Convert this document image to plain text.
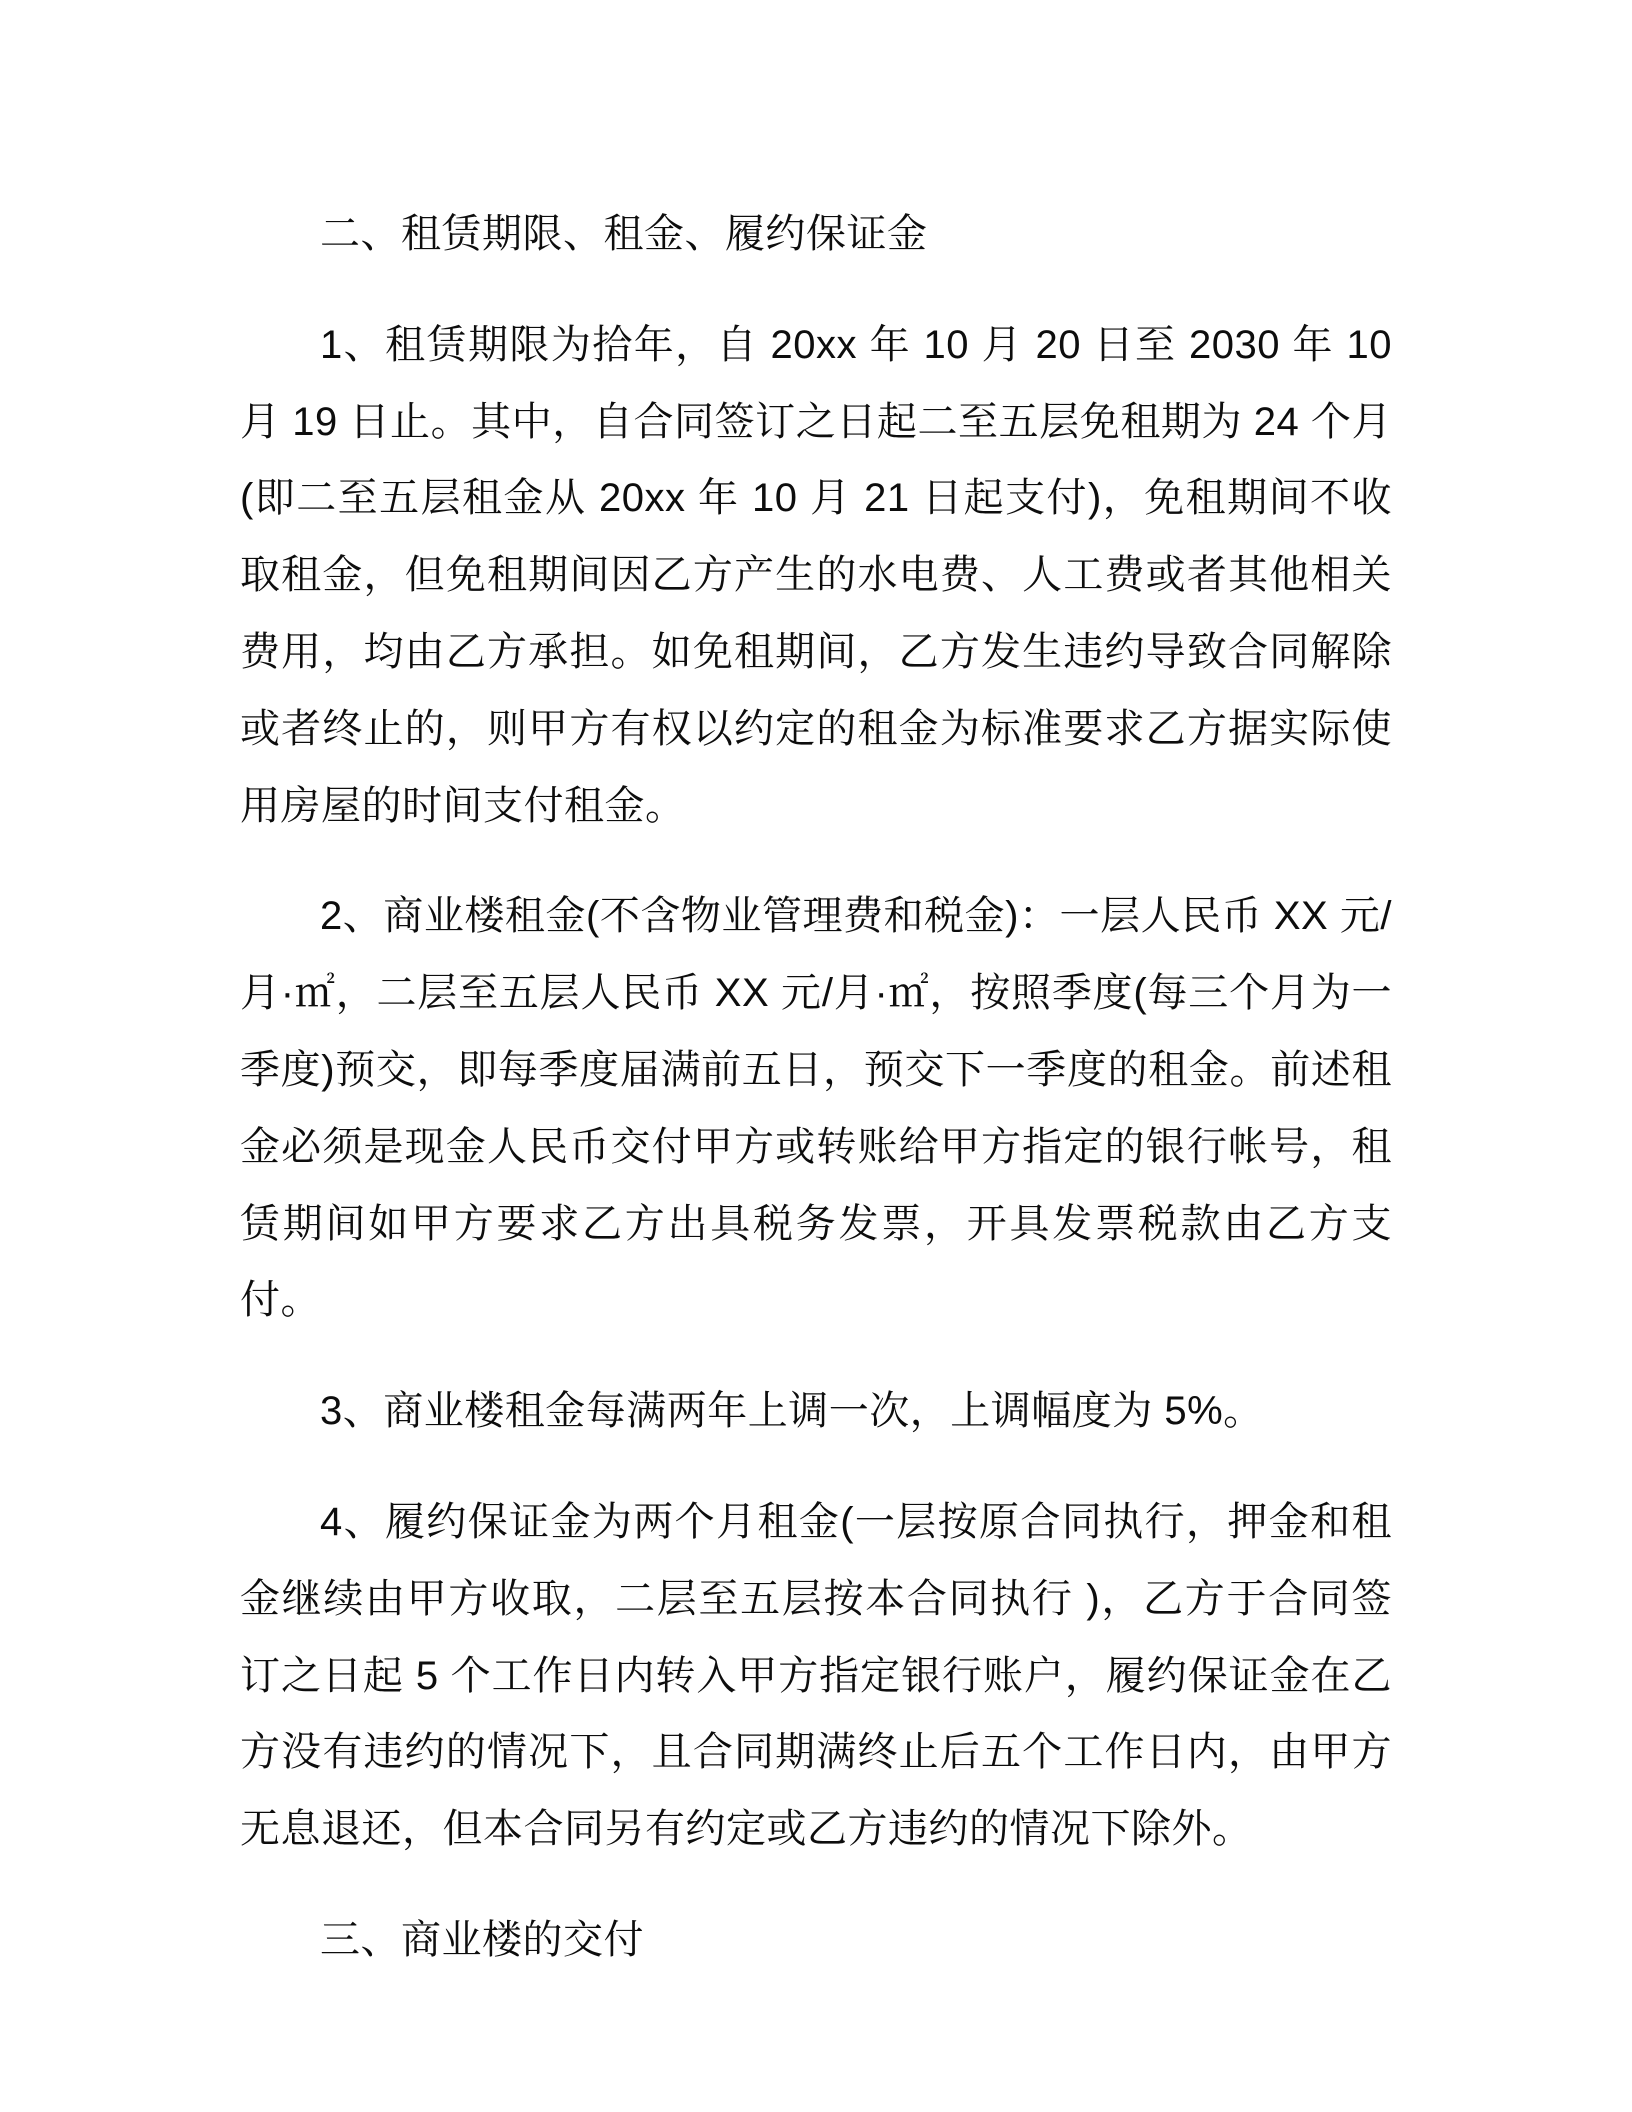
二、租赁期限、租金、履约保证金

1、租赁期限为拾年，自 20xx 年 10 月 20 日至 2030 年 10 月 19 日止。其中，自合同签订之日起二至五层免租期为 24 个月(即二至五层租金从 20xx 年 10 月 21 日起支付)，免租期间不收取租金，但免租期间因乙方产生的水电费、人工费或者其他相关费用，均由乙方承担。如免租期间，乙方发生违约导致合同解除或者终止的，则甲方有权以约定的租金为标准要求乙方据实际使用房屋的时间支付租金。

2、商业楼租金(不含物业管理费和税金)：一层人民币 XX 元/月·㎡，二层至五层人民币 XX 元/月·㎡，按照季度(每三个月为一季度)预交，即每季度届满前五日，预交下一季度的租金。前述租金必须是现金人民币交付甲方或转账给甲方指定的银行帐号，租赁期间如甲方要求乙方出具税务发票，开具发票税款由乙方支付。

3、商业楼租金每满两年上调一次，上调幅度为 5%。

4、履约保证金为两个月租金(一层按原合同执行，押金和租金继续由甲方收取，二层至五层按本合同执行 )，乙方于合同签订之日起 5 个工作日内转入甲方指定银行账户，履约保证金在乙方没有违约的情况下，且合同期满终止后五个工作日内，由甲方无息退还，但本合同另有约定或乙方违约的情况下除外。

三、商业楼的交付
